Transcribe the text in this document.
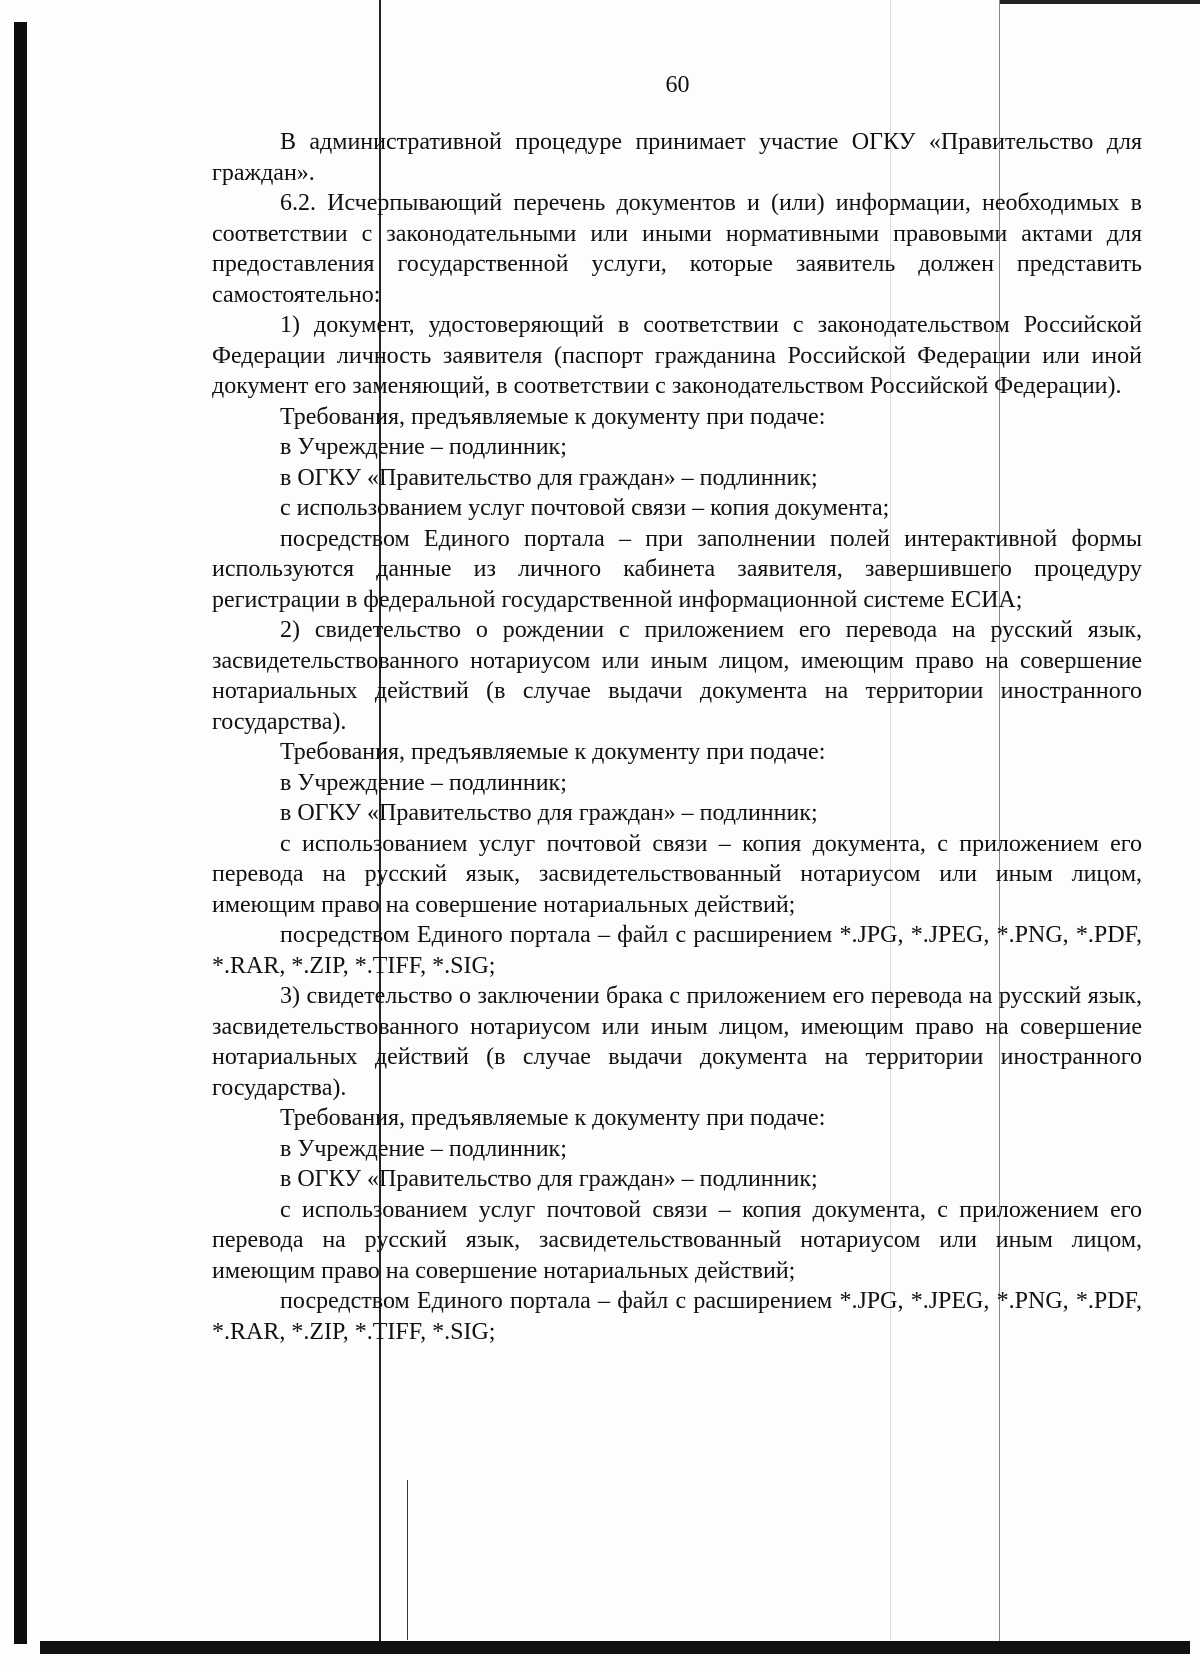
60

В административной процедуре принимает участие ОГКУ «Правительство для граждан».

6.2. Исчерпывающий перечень документов и (или) информации, необходимых в соответствии с законодательными или иными нормативными правовыми актами для предоставления государственной услуги, которые заявитель должен представить самостоятельно:

1) документ, удостоверяющий в соответствии с законодательством Российской Федерации личность заявителя (паспорт гражданина Российской Федерации или иной документ его заменяющий, в соответствии с законодательством Российской Федерации).

Требования, предъявляемые к документу при подаче:

в Учреждение – подлинник;

в ОГКУ «Правительство для граждан» – подлинник;

с использованием услуг почтовой связи – копия документа;

посредством Единого портала – при заполнении полей интерактивной формы используются данные из личного кабинета заявителя, завершившего процедуру регистрации в федеральной государственной информационной системе ЕСИА;

2) свидетельство о рождении с приложением его перевода на русский язык, засвидетельствованного нотариусом или иным лицом, имеющим право на совершение нотариальных действий (в случае выдачи документа на территории иностранного государства).

Требования, предъявляемые к документу при подаче:

в Учреждение – подлинник;

в ОГКУ «Правительство для граждан» – подлинник;

с использованием услуг почтовой связи – копия документа, с приложением его перевода на русский язык, засвидетельствованный нотариусом или иным лицом, имеющим право на совершение нотариальных действий;

посредством Единого портала – файл с расширением *.JPG, *.JPEG, *.PNG, *.PDF, *.RAR, *.ZIP, *.TIFF, *.SIG;

3) свидетельство о заключении брака с приложением его перевода на русский язык, засвидетельствованного нотариусом или иным лицом, имеющим право на совершение нотариальных действий (в случае выдачи документа на территории иностранного государства).

Требования, предъявляемые к документу при подаче:

в Учреждение – подлинник;

в ОГКУ «Правительство для граждан» – подлинник;

с использованием услуг почтовой связи – копия документа, с приложением его перевода на русский язык, засвидетельствованный нотариусом или иным лицом, имеющим право на совершение нотариальных действий;

посредством Единого портала – файл с расширением *.JPG, *.JPEG, *.PNG, *.PDF, *.RAR, *.ZIP, *.TIFF, *.SIG;
